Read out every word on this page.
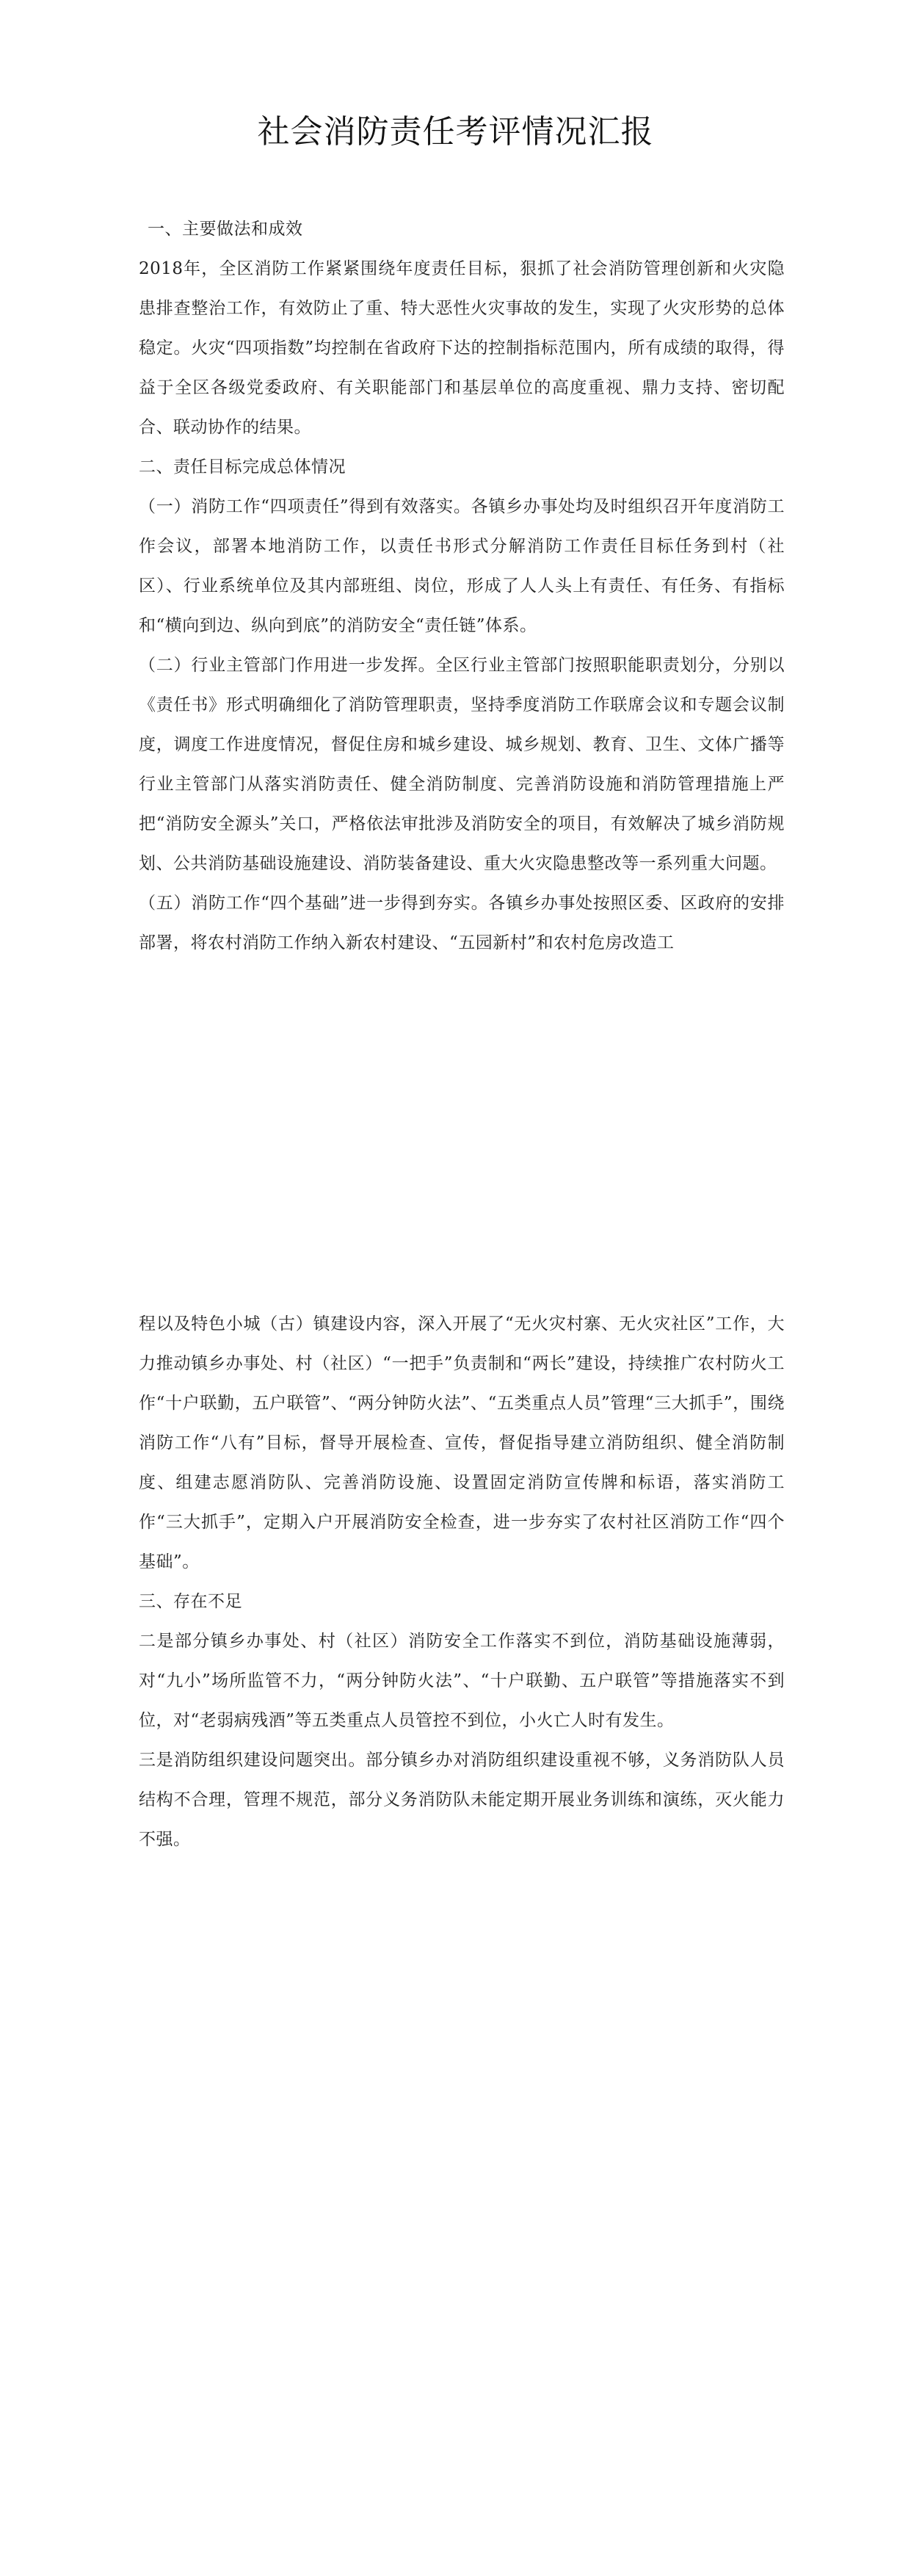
社会消防责任考评情况汇报

一、主要做法和成效

2018年，全区消防工作紧紧围绕年度责任目标，狠抓了社会消防管理创新和火灾隐患排查整治工作，有效防止了重、特大恶性火灾事故的发生，实现了火灾形势的总体稳定。火灾“四项指数”均控制在省政府下达的控制指标范围内，所有成绩的取得，得益于全区各级党委政府、有关职能部门和基层单位的高度重视、鼎力支持、密切配合、联动协作的结果。

二、责任目标完成总体情况

（一）消防工作“四项责任”得到有效落实。各镇乡办事处均及时组织召开年度消防工作会议，部署本地消防工作，以责任书形式分解消防工作责任目标任务到村（社区）、行业系统单位及其内部班组、岗位，形成了人人头上有责任、有任务、有指标和“横向到边、纵向到底”的消防安全“责任链”体系。

（二）行业主管部门作用进一步发挥。全区行业主管部门按照职能职责划分，分别以《责任书》形式明确细化了消防管理职责，坚持季度消防工作联席会议和专题会议制度，调度工作进度情况，督促住房和城乡建设、城乡规划、教育、卫生、文体广播等行业主管部门从落实消防责任、健全消防制度、完善消防设施和消防管理措施上严把“消防安全源头”关口，严格依法审批涉及消防安全的项目，有效解决了城乡消防规划、公共消防基础设施建设、消防装备建设、重大火灾隐患整改等一系列重大问题。

（五）消防工作“四个基础”进一步得到夯实。各镇乡办事处按照区委、区政府的安排部署，将农村消防工作纳入新农村建设、“五园新村”和农村危房改造工

程以及特色小城（古）镇建设内容，深入开展了“无火灾村寨、无火灾社区”工作，大力推动镇乡办事处、村（社区）“一把手”负责制和“两长”建设，持续推广农村防火工作“十户联勤，五户联管”、“两分钟防火法”、“五类重点人员”管理“三大抓手”，围绕消防工作“八有”目标，督导开展检查、宣传，督促指导建立消防组织、健全消防制度、组建志愿消防队、完善消防设施、设置固定消防宣传牌和标语，落实消防工作“三大抓手”，定期入户开展消防安全检查，进一步夯实了农村社区消防工作“四个基础”。

三、存在不足

二是部分镇乡办事处、村（社区）消防安全工作落实不到位，消防基础设施薄弱，对“九小”场所监管不力，“两分钟防火法”、“十户联勤、五户联管”等措施落实不到位，对“老弱病残酒”等五类重点人员管控不到位，小火亡人时有发生。

三是消防组织建设问题突出。部分镇乡办对消防组织建设重视不够，义务消防队人员结构不合理，管理不规范，部分义务消防队未能定期开展业务训练和演练，灭火能力不强。
